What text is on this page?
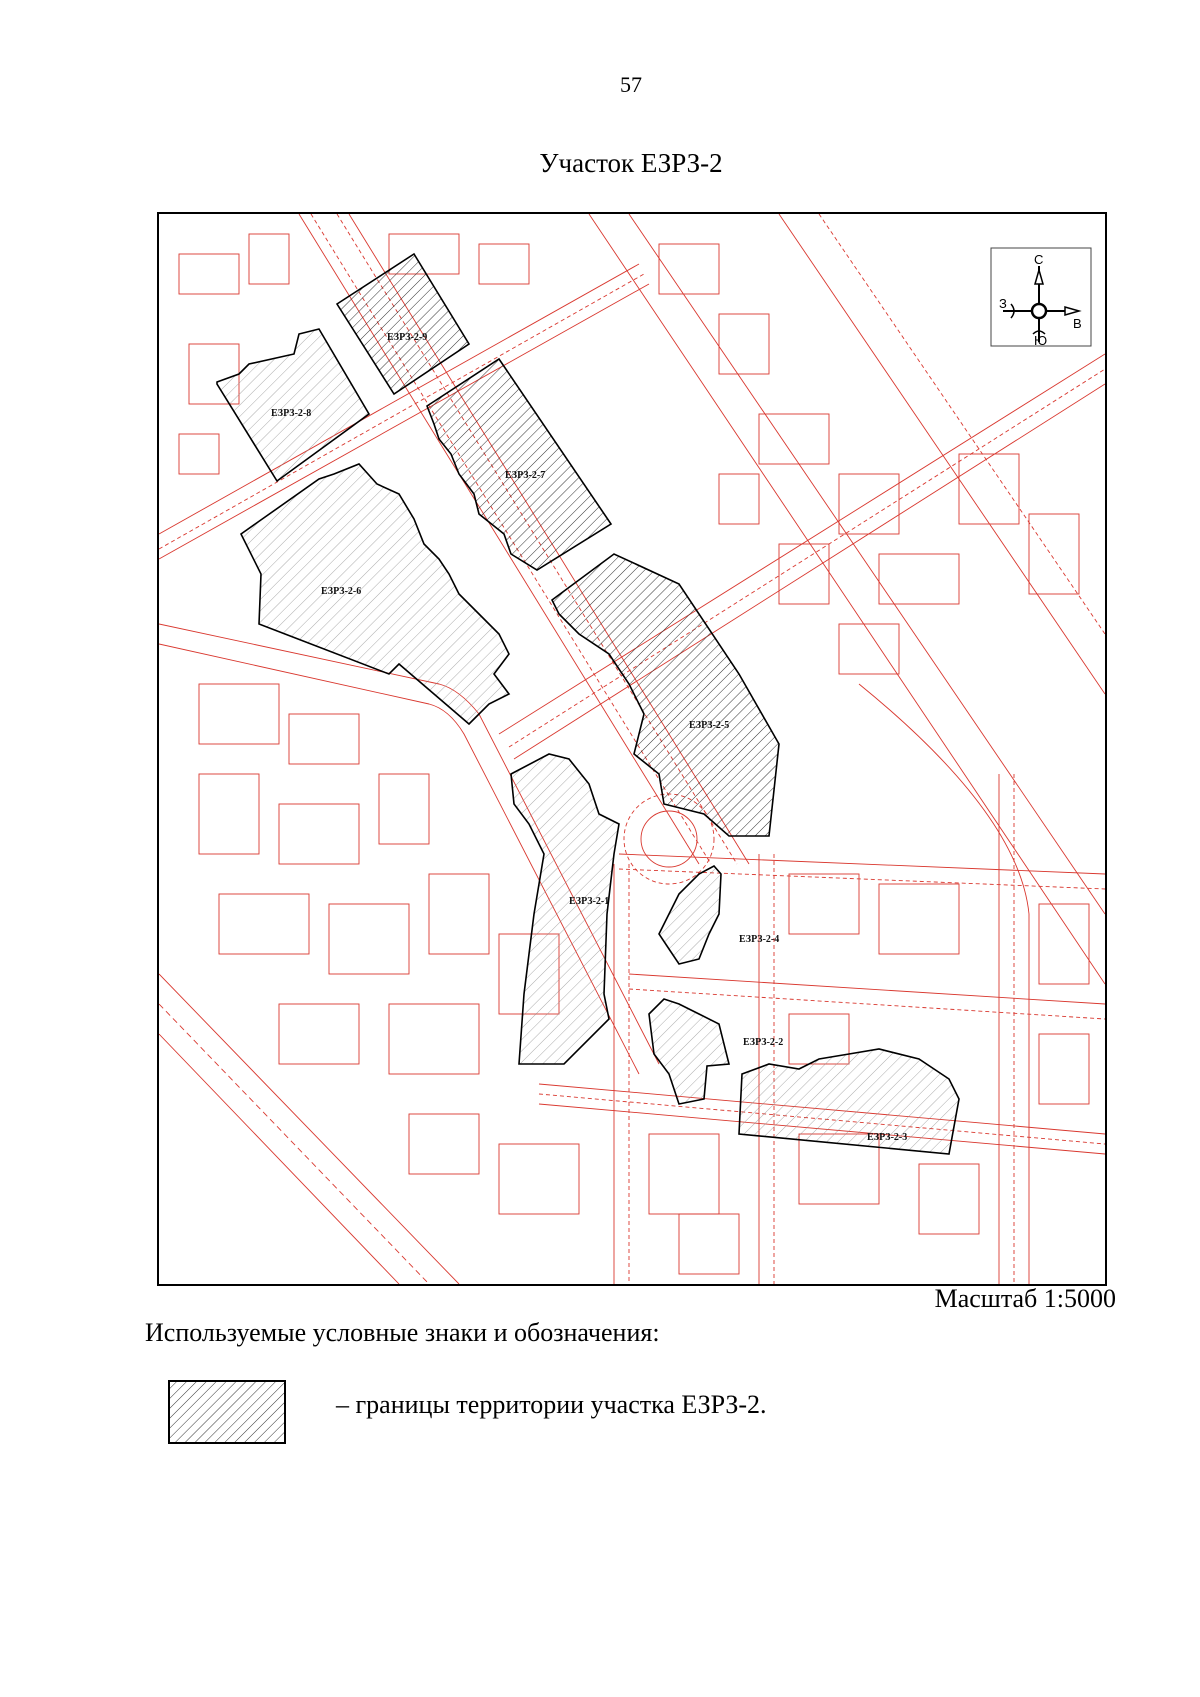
57
Участок ЕЗРЗ-2
ЕЗРЗ-2-9
ЕЗРЗ-2-8
ЕЗРЗ-2-7
ЕЗРЗ-2-6
ЕЗРЗ-2-5
ЕЗРЗ-2-1
ЕЗРЗ-2-4
ЕЗРЗ-2-2
ЕЗРЗ-2-3
С
З
В
Ю
Масштаб 1:5000
Используемые условные знаки и обозначения:
– границы территории участка ЕЗРЗ-2.
